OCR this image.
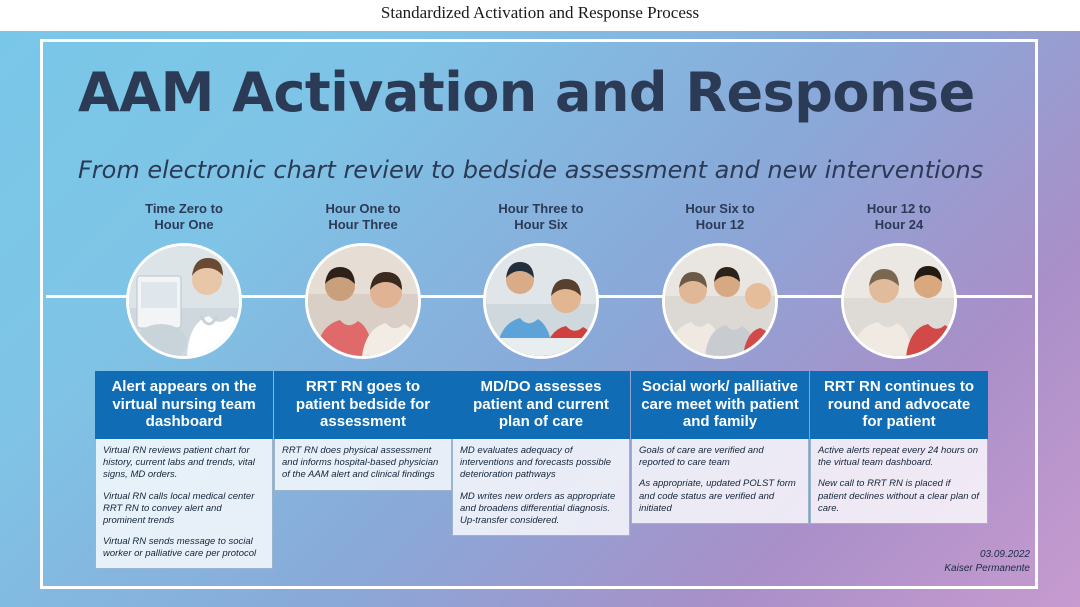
Standardized Activation and Response Process
AAM Activation and Response
From electronic chart review to bedside assessment and new interventions
Time Zero to
Hour One
Alert appears on the virtual nursing team dashboard

Virtual RN reviews patient chart for history, current labs and trends, vital signs, MD orders.

Virtual RN calls local medical center RRT RN to convey alert and prominent trends

Virtual RN sends message to social worker or palliative care per protocol

Hour One to
Hour Three
RRT RN goes to patient bedside for assessment

RRT RN does physical assessment and informs hospital-based physician of the AAM alert and clinical findings

Hour Three to
Hour Six
MD/DO assesses patient and current plan of care

MD evaluates adequacy of interventions and forecasts possible deterioration pathways

MD writes new orders as appropriate and broadens differential diagnosis. Up-transfer considered.

Hour Six to
Hour 12
Social work/ palliative care meet with patient and family

Goals of care are verified and reported to care team

As appropriate, updated POLST form and code status are verified and initiated

Hour 12 to
Hour 24
RRT RN continues to round and advocate for patient

Active alerts repeat every 24 hours on the virtual team dashboard.

New call to RRT RN is placed if patient declines without a clear plan of care.

03.09.2022
Kaiser Permanente
